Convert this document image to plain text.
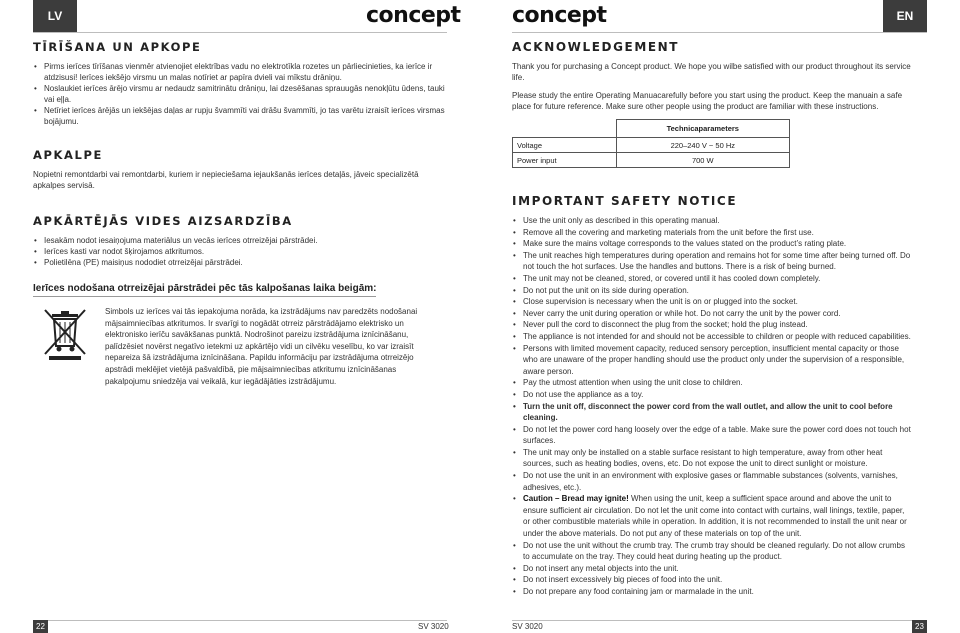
LV	concept
TĪRĪŠANA UN APKOPE
• Pirms ierīces tīrīšanas vienmēr atvienojiet elektrības vadu no elektrotīkla rozetes un pārliecinieties, ka ierīce ir atdzisusi! Ierīces iekšējo virsmu un malas notīriet ar papīra dvieli vai mīkstu drāniņu.
• Noslaukiet ierīces ārējo virsmu ar nedaudz samitrinātu drāniņu, lai dzesēšanas sprauugās nenokļūtu ūdens, tauki vai eļļa.
• Netīriet ierīces ārējās un iekšējas daļas ar rupju švammīti vai drāšu švammīti, jo tas varētu izraisīt ierīces virsmas bojājumu.
APKALPE

Nopietni remontdarbi vai remontdarbi, kuriem ir nepieciešama iejaukšanās ierīces detaļās, jāveic specializētā apkalpes servisā.

APKĀRTĒJĀS VIDES AIZSARDZĪBA
• Iesakām nodot iesaiņojuma materiālus un vecās ierīces otrreizējai pārstrādei.
• Ierīces kasti var nodot šķirojamos atkritumos.
• Polietilēna (PE) maisiņus nododiet otrreizējai pārstrādei.
Ierīces nodošana otrreizējai pārstrādei pēc tās kalpošanas laika beigām:

Simbols uz ierīces vai tās iepakojuma norāda, ka izstrādājums nav paredzēts nodošanai mājsaimniecības atkritumos. Ir svarīgi to nogādāt otrreiz pārstrādājamo elektrisko un elektronisko ierīču savākšanas punktā. Nodrošinot pareizu izstrādājuma iznīcināšanu, palīdzēsiet novērst negatīvo ietekmi uz apkārtējo vidi un cilvēku veselību, ko var izraisīt nepareiza šā izstrādājuma iznīcināšana. Papildu informāciju par izstrādājuma otrreizējo apstrādi meklējiet vietējā pašvaldībā, pie mājsaimniecības atkritumu iznīcināšanas pakalpojumu sniedzēja vai veikalā, kur iegādājāties izstrādājumu.

22	SV 3020
EN
concept
ACKNOWLEDGEMENT

Thank you for purchasing a Concept product. We hope you wilbe satisfied with our product throughout its service life.

Please study the entire Operating Manuacarefully before you start using the product. Keep the manuain a safe place for future reference. Make sure other people using the product are familiar with these instructions.

	Technicaparameters
Voltage	220–240 V ~ 50 Hz
Power input	700 W
IMPORTANT SAFETY NOTICE
• Use the unit only as described in this operating manual.
• Remove all the covering and marketing materials from the unit before the first use.
• Make sure the mains voltage corresponds to the values stated on the product’s rating plate.
• The unit reaches high temperatures during operation and remains hot for some time after being turned off. Do not touch the hot surfaces. Use the handles and buttons. There is a risk of being burned.
• The unit may not be cleaned, stored, or covered until it has cooled down completely.
• Do not put the unit on its side during operation.
• Close supervision is necessary when the unit is on or plugged into the socket.
• Never carry the unit during operation or while hot. Do not carry the unit by the power cord.
• Never pull the cord to disconnect the plug from the socket; hold the plug instead.
• The appliance is not intended for and should not be accessible to children or people with reduced capabilities.
• Persons with limited movement capacity, reduced sensory perception, insufficient mental capacity or those who are unaware of the proper handling should use the product only under the supervision of a responsible, aware person.
• Pay the utmost attention when using the unit close to children.
• Do not use the appliance as a toy.
• Turn the unit off, disconnect the power cord from the wall outlet, and allow the unit to cool before cleaning.
• Do not let the power cord hang loosely over the edge of a table. Make sure the power cord does not touch hot surfaces.
• The unit may only be installed on a stable surface resistant to high temperature, away from other heat sources, such as heating bodies, ovens, etc. Do not expose the unit to direct sunlight or moisture.
• Do not use the unit in an environment with explosive gases or flammable substances (solvents, varnishes, adhesives, etc.).
• Caution – Bread may ignite! When using the unit, keep a sufficient space around and above the unit to ensure sufficient air circulation. Do not let the unit come into contact with curtains, wall linings, textile, paper, or other combustible materials while in operation. In addition, it is not recommended to install the unit near or under the above materials. Do not put any of these materials on top of the unit.
• Do not use the unit without the crumb tray. The crumb tray should be cleaned regularly. Do not allow crumbs to accumulate on the tray. They could heat during heating up the product.
• Do not insert any metal objects into the unit.
• Do not insert excessively big pieces of food into the unit.
• Do not prepare any food containing jam or marmalade in the unit.
SV 3020	23
